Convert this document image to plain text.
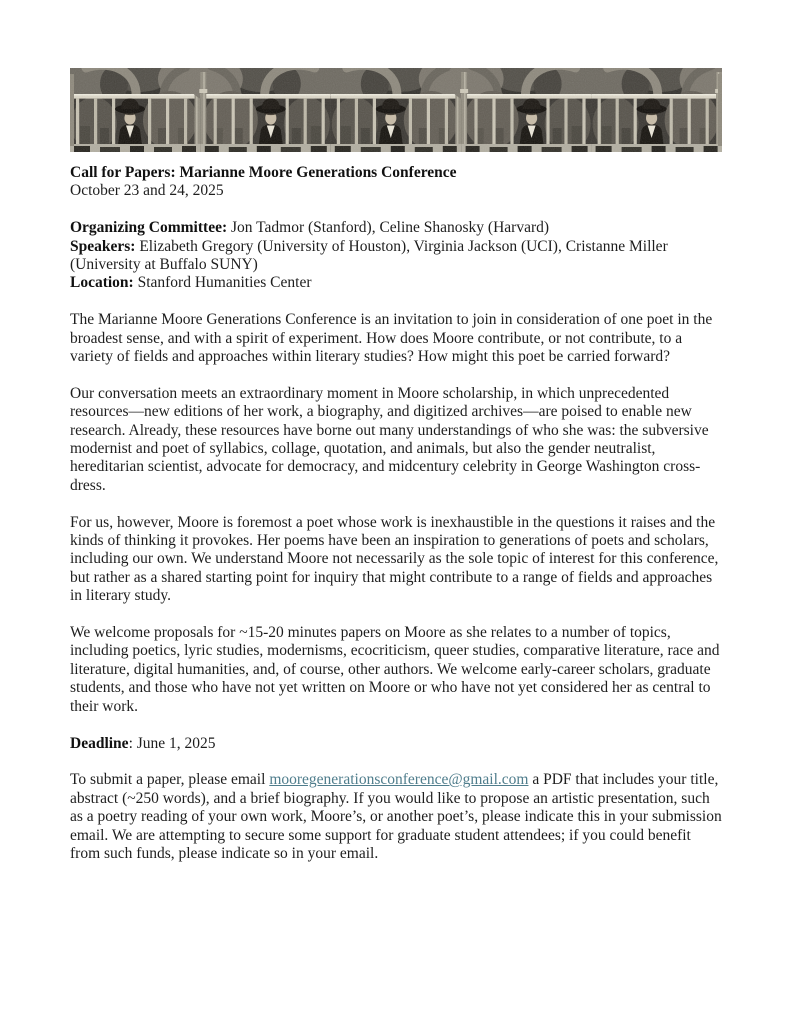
Call for Papers: Marianne Moore Generations Conference
October 23 and 24, 2025

Organizing Committee: Jon Tadmor (Stanford), Celine Shanosky (Harvard)
Speakers: Elizabeth Gregory (University of Houston), Virginia Jackson (UCI), Cristanne Miller (University at Buffalo SUNY)
Location: Stanford Humanities Center

The Marianne Moore Generations Conference is an invitation to join in consideration of one poet in the broadest sense, and with a spirit of experiment. How does Moore contribute, or not contribute, to a variety of fields and approaches within literary studies? How might this poet be carried forward?

Our conversation meets an extraordinary moment in Moore scholarship, in which unprecedented resources—new editions of her work, a biography, and digitized archives—are poised to enable new research. Already, these resources have borne out many understandings of who she was: the subversive modernist and poet of syllabics, collage, quotation, and animals, but also the gender neutralist, hereditarian scientist, advocate for democracy, and midcentury celebrity in George Washington cross-dress.

For us, however, Moore is foremost a poet whose work is inexhaustible in the questions it raises and the kinds of thinking it provokes. Her poems have been an inspiration to generations of poets and scholars, including our own. We understand Moore not necessarily as the sole topic of interest for this conference, but rather as a shared starting point for inquiry that might contribute to a range of fields and approaches in literary study.

We welcome proposals for ~15-20 minutes papers on Moore as she relates to a number of topics, including poetics, lyric studies, modernisms, ecocriticism, queer studies, comparative literature, race and literature, digital humanities, and, of course, other authors. We welcome early-career scholars, graduate students, and those who have not yet written on Moore or who have not yet considered her as central to their work.

Deadline: June 1, 2025

To submit a paper, please email mooregenerationsconference@gmail.com a PDF that includes your title, abstract (~250 words), and a brief biography. If you would like to propose an artistic presentation, such as a poetry reading of your own work, Moore’s, or another poet’s, please indicate this in your submission email. We are attempting to secure some support for graduate student attendees; if you could benefit from such funds, please indicate so in your email.
